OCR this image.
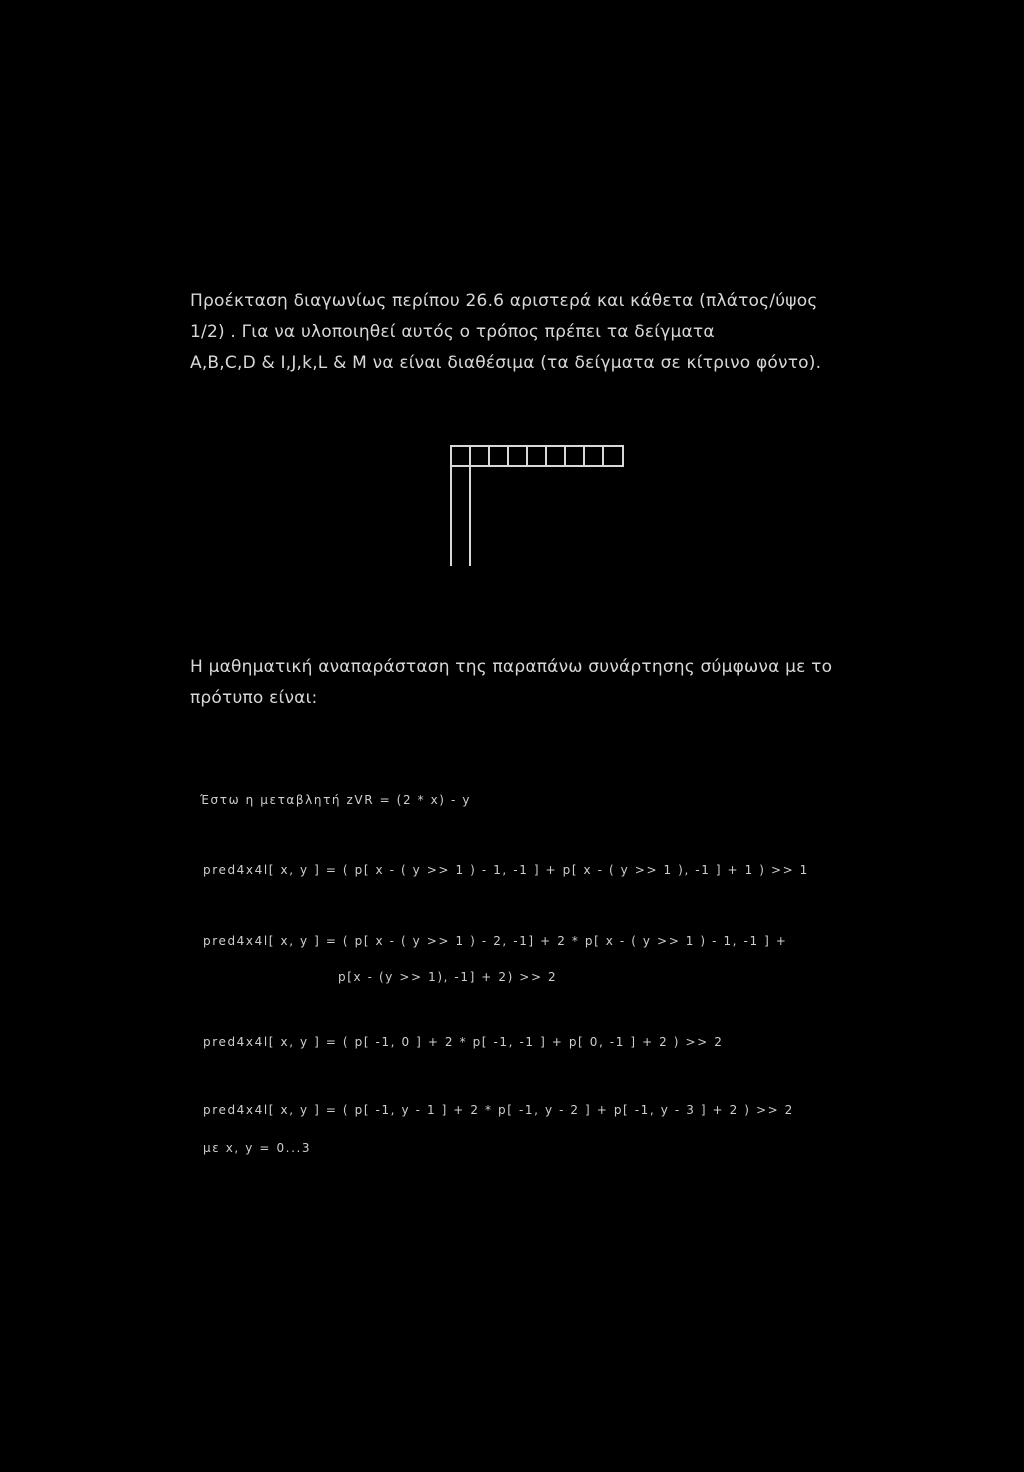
Προέκταση διαγωνίως περίπου 26.6 αριστερά και κάθετα (πλάτος/ύψος
1/2) . Για να υλοποιηθεί αυτός ο τρόπος πρέπει τα δείγματα
A,B,C,D & I,J,k,L & M να είναι διαθέσιμα (τα δείγματα σε κίτρινο φόντο).
Η μαθηματική αναπαράσταση της παραπάνω συνάρτησης σύμφωνα με το
πρότυπο είναι:

Έστω η μεταβλητή zVR = (2 * x) - y

pred4x4l[ x, y ] = ( p[ x - ( y >> 1 ) - 1, -1 ] + p[ x - ( y >> 1 ), -1 ] + 1 ) >> 1

pred4x4l[ x, y ] = ( p[ x - ( y >> 1 ) - 2, -1] + 2 * p[ x - ( y >> 1 ) - 1, -1 ] +

p[x - (y >> 1), -1] + 2) >> 2

pred4x4l[ x, y ] = ( p[ -1, 0 ] + 2 * p[ -1, -1 ] + p[ 0, -1 ] + 2 ) >> 2

pred4x4l[ x, y ] = ( p[ -1, y - 1 ] + 2 * p[ -1, y - 2 ] + p[ -1, y - 3 ] + 2 ) >> 2

με x, y = 0...3
